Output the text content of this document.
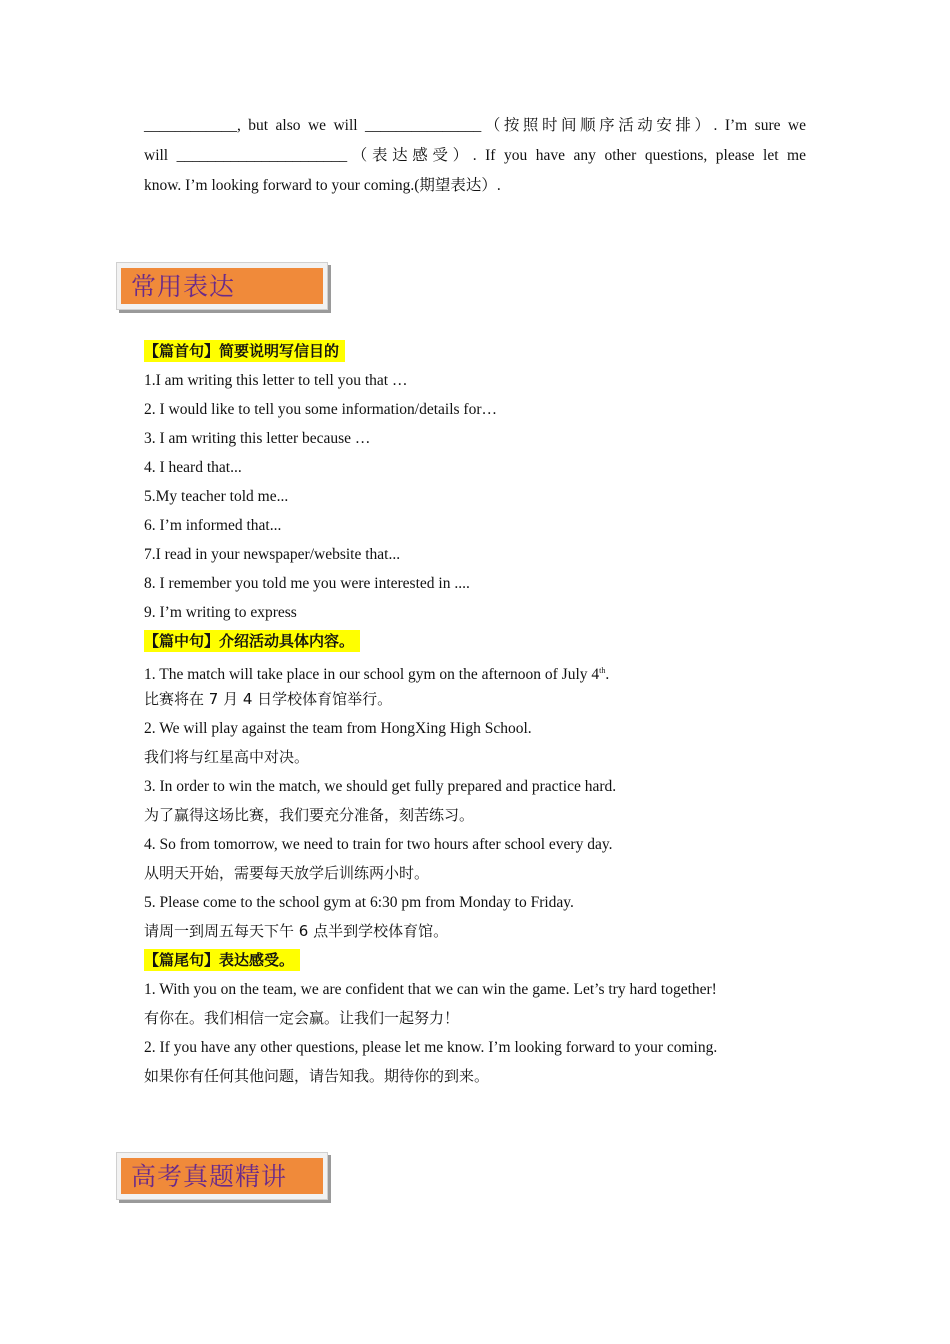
____________, but also we will _______________（按照时间顺序活动安排）. I’m sure we
will ______________________（表达感受）. If you have any other questions, please let me
know. I’m looking forward to your coming.(期望表达）.
常用表达
【篇首句】简要说明写信目的
1.I am writing this letter to tell you that …
2. I would like to tell you some information/details for…
3. I am writing this letter because …
4. I heard that...
5.My teacher told me...
6. I’m informed that...
7.I read in your newspaper/website that...
8. I remember you told me you were interested in ....
9. I’m writing to express
【篇中句】介绍活动具体内容。
1. The match will take place in our school gym on the afternoon of July 4th.
比赛将在 7 月 4 日学校体育馆举行。
2. We will play against the team from HongXing High School.
我们将与红星高中对决。
3. In order to win the match, we should get fully prepared and practice hard.
为了赢得这场比赛，我们要充分准备，刻苦练习。
4. So from tomorrow, we need to train for two hours after school every day.
从明天开始，需要每天放学后训练两小时。
5. Please come to the school gym at 6:30 pm from Monday to Friday.
请周一到周五每天下午 6 点半到学校体育馆。
【篇尾句】表达感受。
1. With you on the team, we are confident that we can win the game. Let’s try hard together!
有你在。我们相信一定会赢。让我们一起努力！
2. If you have any other questions, please let me know. I’m looking forward to your coming.
如果你有任何其他问题，请告知我。期待你的到来。
高考真题精讲
